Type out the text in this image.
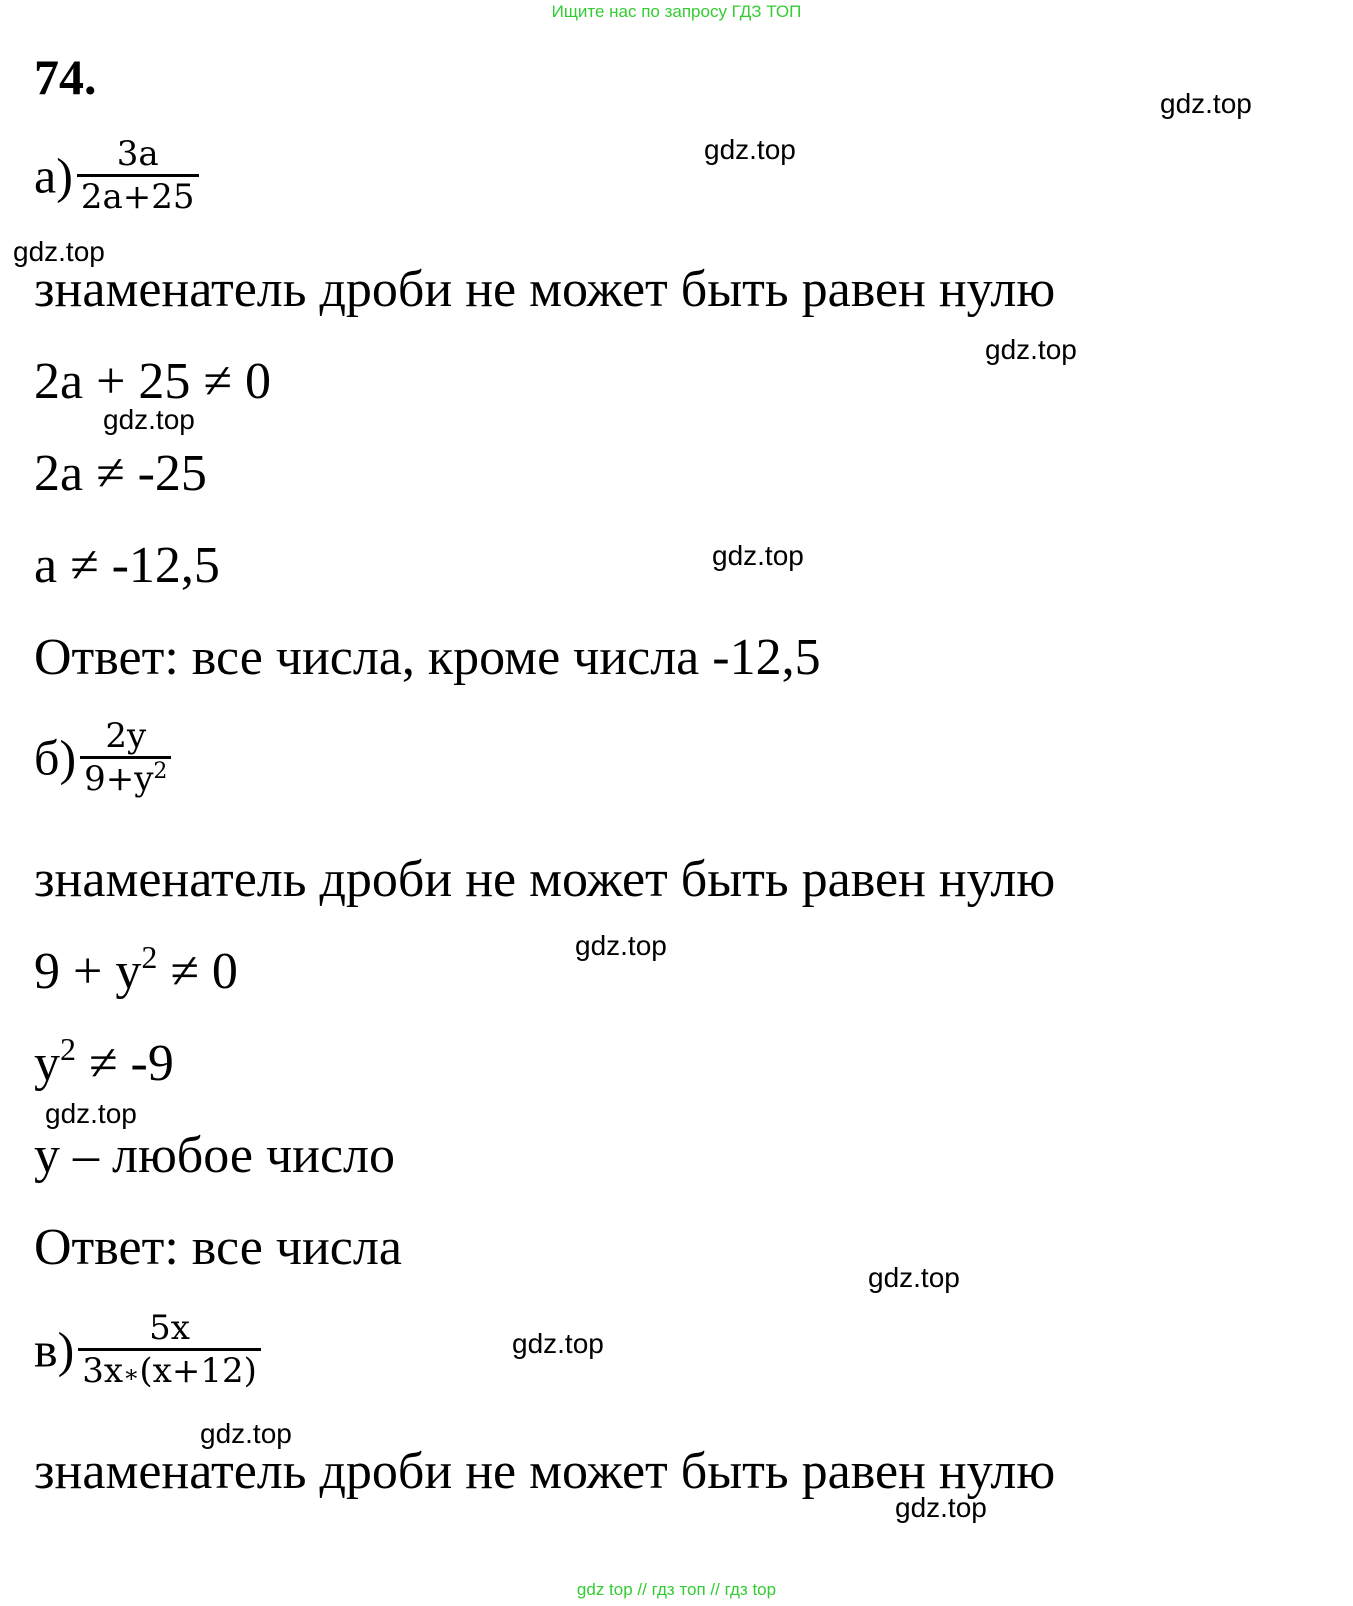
Ищите нас по запросу ГДЗ ТОП
74.
$а) \frac{3a}{2a+25}$
знаменатель дроби не может быть равен нулю
2a + 25 ≠ 0
2a ≠ -25
a ≠ -12,5
Ответ: все числа, кроме числа -12,5
$б) \frac{2y}{9+y^2}$
знаменатель дроби не может быть равен нулю
$9 + y^2 \ne 0$
$y^2 \ne -9$
y – любое число
Ответ: все числа
$в) \frac{5x}{3x∗(x+12)}$
знаменатель дроби не может быть равен нулю
gdz.top
gdz.top
gdz.top
gdz.top
gdz.top
gdz.top
gdz.top
gdz.top
gdz.top
gdz.top
gdz.top
gdz.top
gdz top // гдз топ // гдз top
